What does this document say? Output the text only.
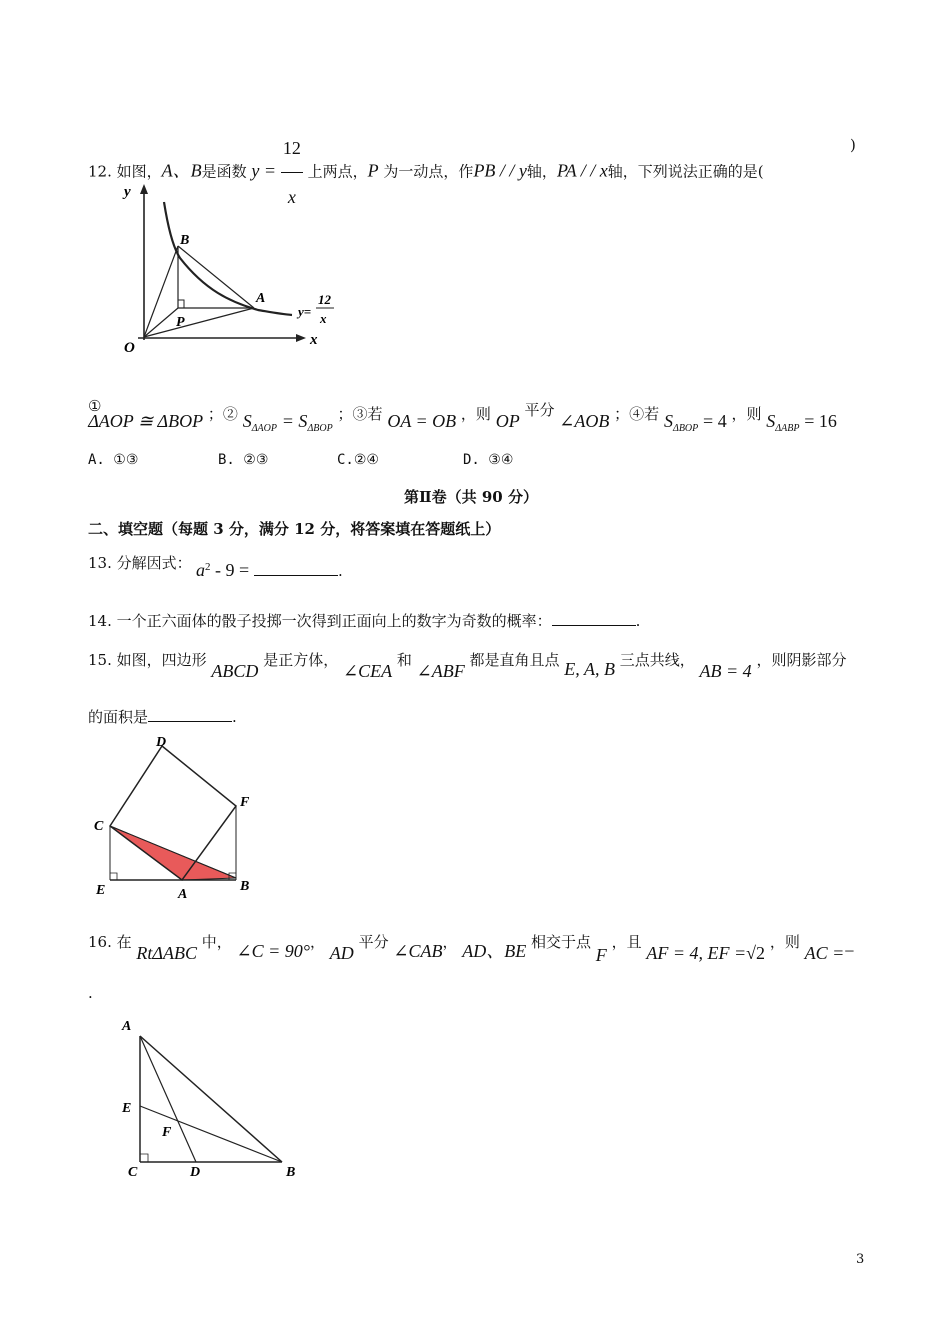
12. 如图，A、B是函数 $y = \frac{12}{x}$ 上两点，P 为一动点，作PB / / y轴，PA / / x轴，下列说法正确的是(
)
y
x
O
B
A
P
y=
12
x
① ΔAOP ≅ ΔBOP ；② $S_{\Delta AOP} = S_{\Delta BOP}$ ；③若 OA = OB ，则 OP 平分 ∠AOB ；④若 $S_{\Delta BOP} = 4$ ，则 $S_{\Delta ABP} = 16$
A. ①③	B. ②③	C.②④	D. ③④
第Ⅱ卷（共 90 分）
二、填空题（每题 3 分，满分 12 分，将答案填在答题纸上）
13. 分解因式： $a^2 - 9$ =	.
14. 一个正六面体的骰子投掷一次得到正面向上的数字为奇数的概率：	.
15. 如图，四边形 ABCD 是正方体， ∠CEA 和 ∠ABF 都是直角且点 E, A, B 三点共线， AB = 4 ，则阴影部分
的面积是	.
D
F
C
E	A
B
16. 在 RtΔABC 中， ∠C = 90°， AD 平分 ∠CAB， AD、BE 相交于点 F ，且 AF = 4, EF =√2 ，则 AC =−
.
A
E
F
C	D	B
3
